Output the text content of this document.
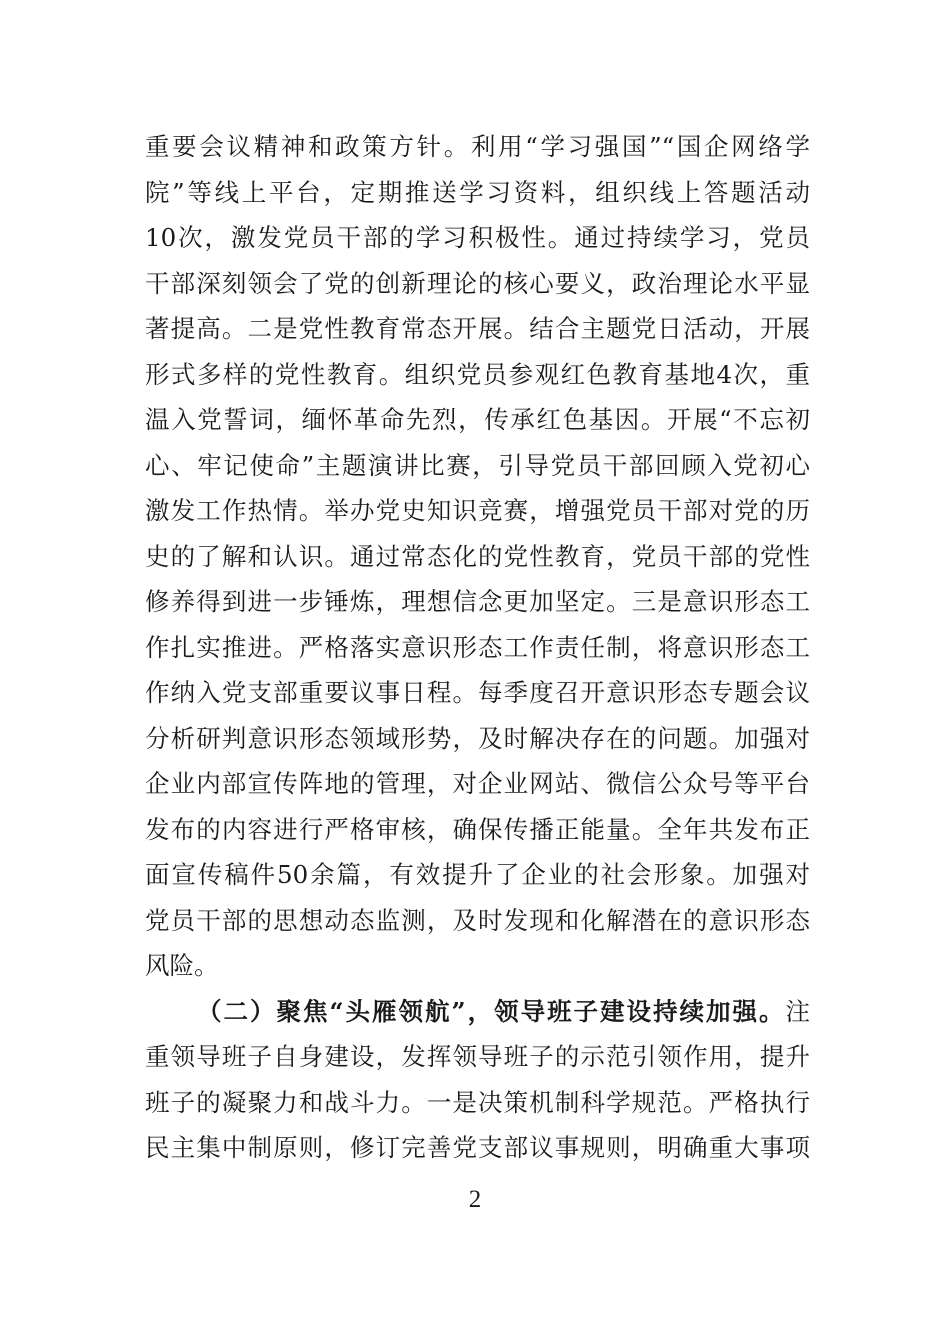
重要会议精神和政策方针。利用“学习强国”“国企网络学
院”等线上平台，定期推送学习资料，组织线上答题活动
10次，激发党员干部的学习积极性。通过持续学习，党员
干部深刻领会了党的创新理论的核心要义，政治理论水平显
著提高。二是党性教育常态开展。结合主题党日活动，开展
形式多样的党性教育。组织党员参观红色教育基地4次，重
温入党誓词，缅怀革命先烈，传承红色基因。开展“不忘初
心、牢记使命”主题演讲比赛，引导党员干部回顾入党初心
激发工作热情。举办党史知识竞赛，增强党员干部对党的历
史的了解和认识。通过常态化的党性教育，党员干部的党性
修养得到进一步锤炼，理想信念更加坚定。三是意识形态工
作扎实推进。严格落实意识形态工作责任制，将意识形态工
作纳入党支部重要议事日程。每季度召开意识形态专题会议
分析研判意识形态领域形势，及时解决存在的问题。加强对
企业内部宣传阵地的管理，对企业网站、微信公众号等平台
发布的内容进行严格审核，确保传播正能量。全年共发布正
面宣传稿件50余篇，有效提升了企业的社会形象。加强对
党员干部的思想动态监测，及时发现和化解潜在的意识形态
风险。
（二）聚焦“头雁领航”，领导班子建设持续加强。注
重领导班子自身建设，发挥领导班子的示范引领作用，提升
班子的凝聚力和战斗力。一是决策机制科学规范。严格执行
民主集中制原则，修订完善党支部议事规则，明确重大事项
2
